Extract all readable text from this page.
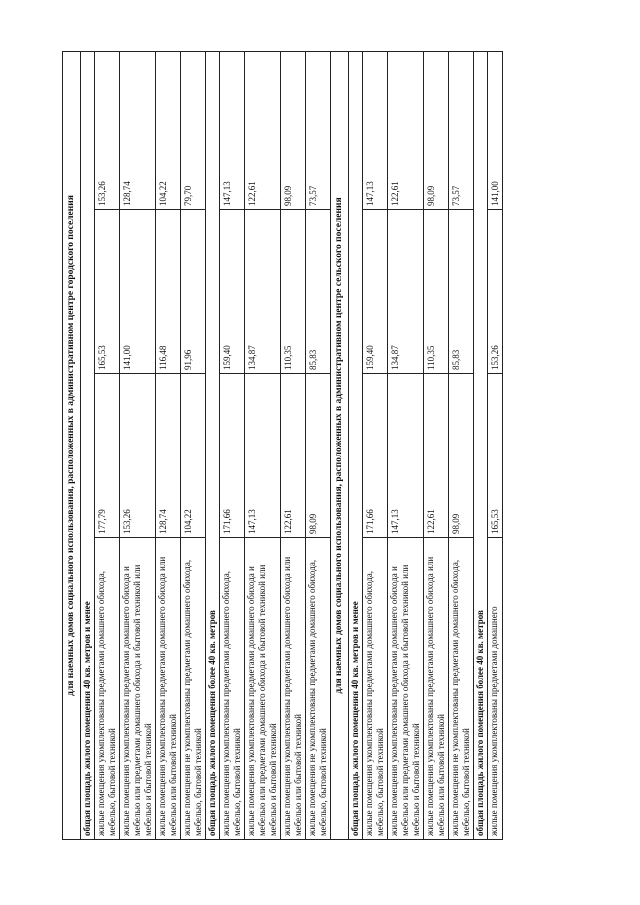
для наемных домов социального использования, расположенных в административном центре городского поселения			
общая площадь жилого помещения 40 кв. метров и менее			
жилые помещения укомплектованы предметами домашнего обихода, мебелью, бытовой техникой	177,79	165,53	153,26
жилые помещения укомплектованы предметами домашнего обихода и мебелью или предметами домашнего обихода и бытовой техникой или мебелью и бытовой техникой	153,26	141,00	128,74
жилые помещения укомплектованы предметами домашнего обихода или мебелью или бытовой техникой	128,74	116,48	104,22
жилые помещения не укомплектованы предметами домашнего обихода, мебелью, бытовой техникой	104,22	91,96	79,70
общая площадь жилого помещения более 40 кв. метров			
жилые помещения укомплектованы предметами домашнего обихода, мебелью, бытовой техникой	171,66	159,40	147,13
жилые помещения укомплектованы предметами домашнего обихода и мебелью или предметами домашнего обихода и бытовой техникой или мебелью и бытовой техникой	147,13	134,87	122,61
жилые помещения укомплектованы предметами домашнего обихода или мебелью или бытовой техникой	122,61	110,35	98,09
жилые помещения не укомплектованы предметами домашнего обихода, мебелью, бытовой техникой	98,09	85,83	73,57
для наемных домов социального использования, расположенных в административном центре сельского поселения			
общая площадь жилого помещения 40 кв. метров и менее			
жилые помещения укомплектованы предметами домашнего обихода, мебелью, бытовой техникой	171,66	159,40	147,13
жилые помещения укомплектованы предметами домашнего обихода и мебелью или предметами домашнего обихода и бытовой техникой или мебелью и бытовой техникой	147,13	134,87	122,61
жилые помещения укомплектованы предметами домашнего обихода или мебелью или бытовой техникой	122,61	110,35	98,09
жилые помещения не укомплектованы предметами домашнего обихода, мебелью, бытовой техникой	98,09	85,83	73,57
общая площадь жилого помещения более 40 кв. метров			
жилые помещения укомплектованы предметами домашнего	165,53	153,26	141,00
